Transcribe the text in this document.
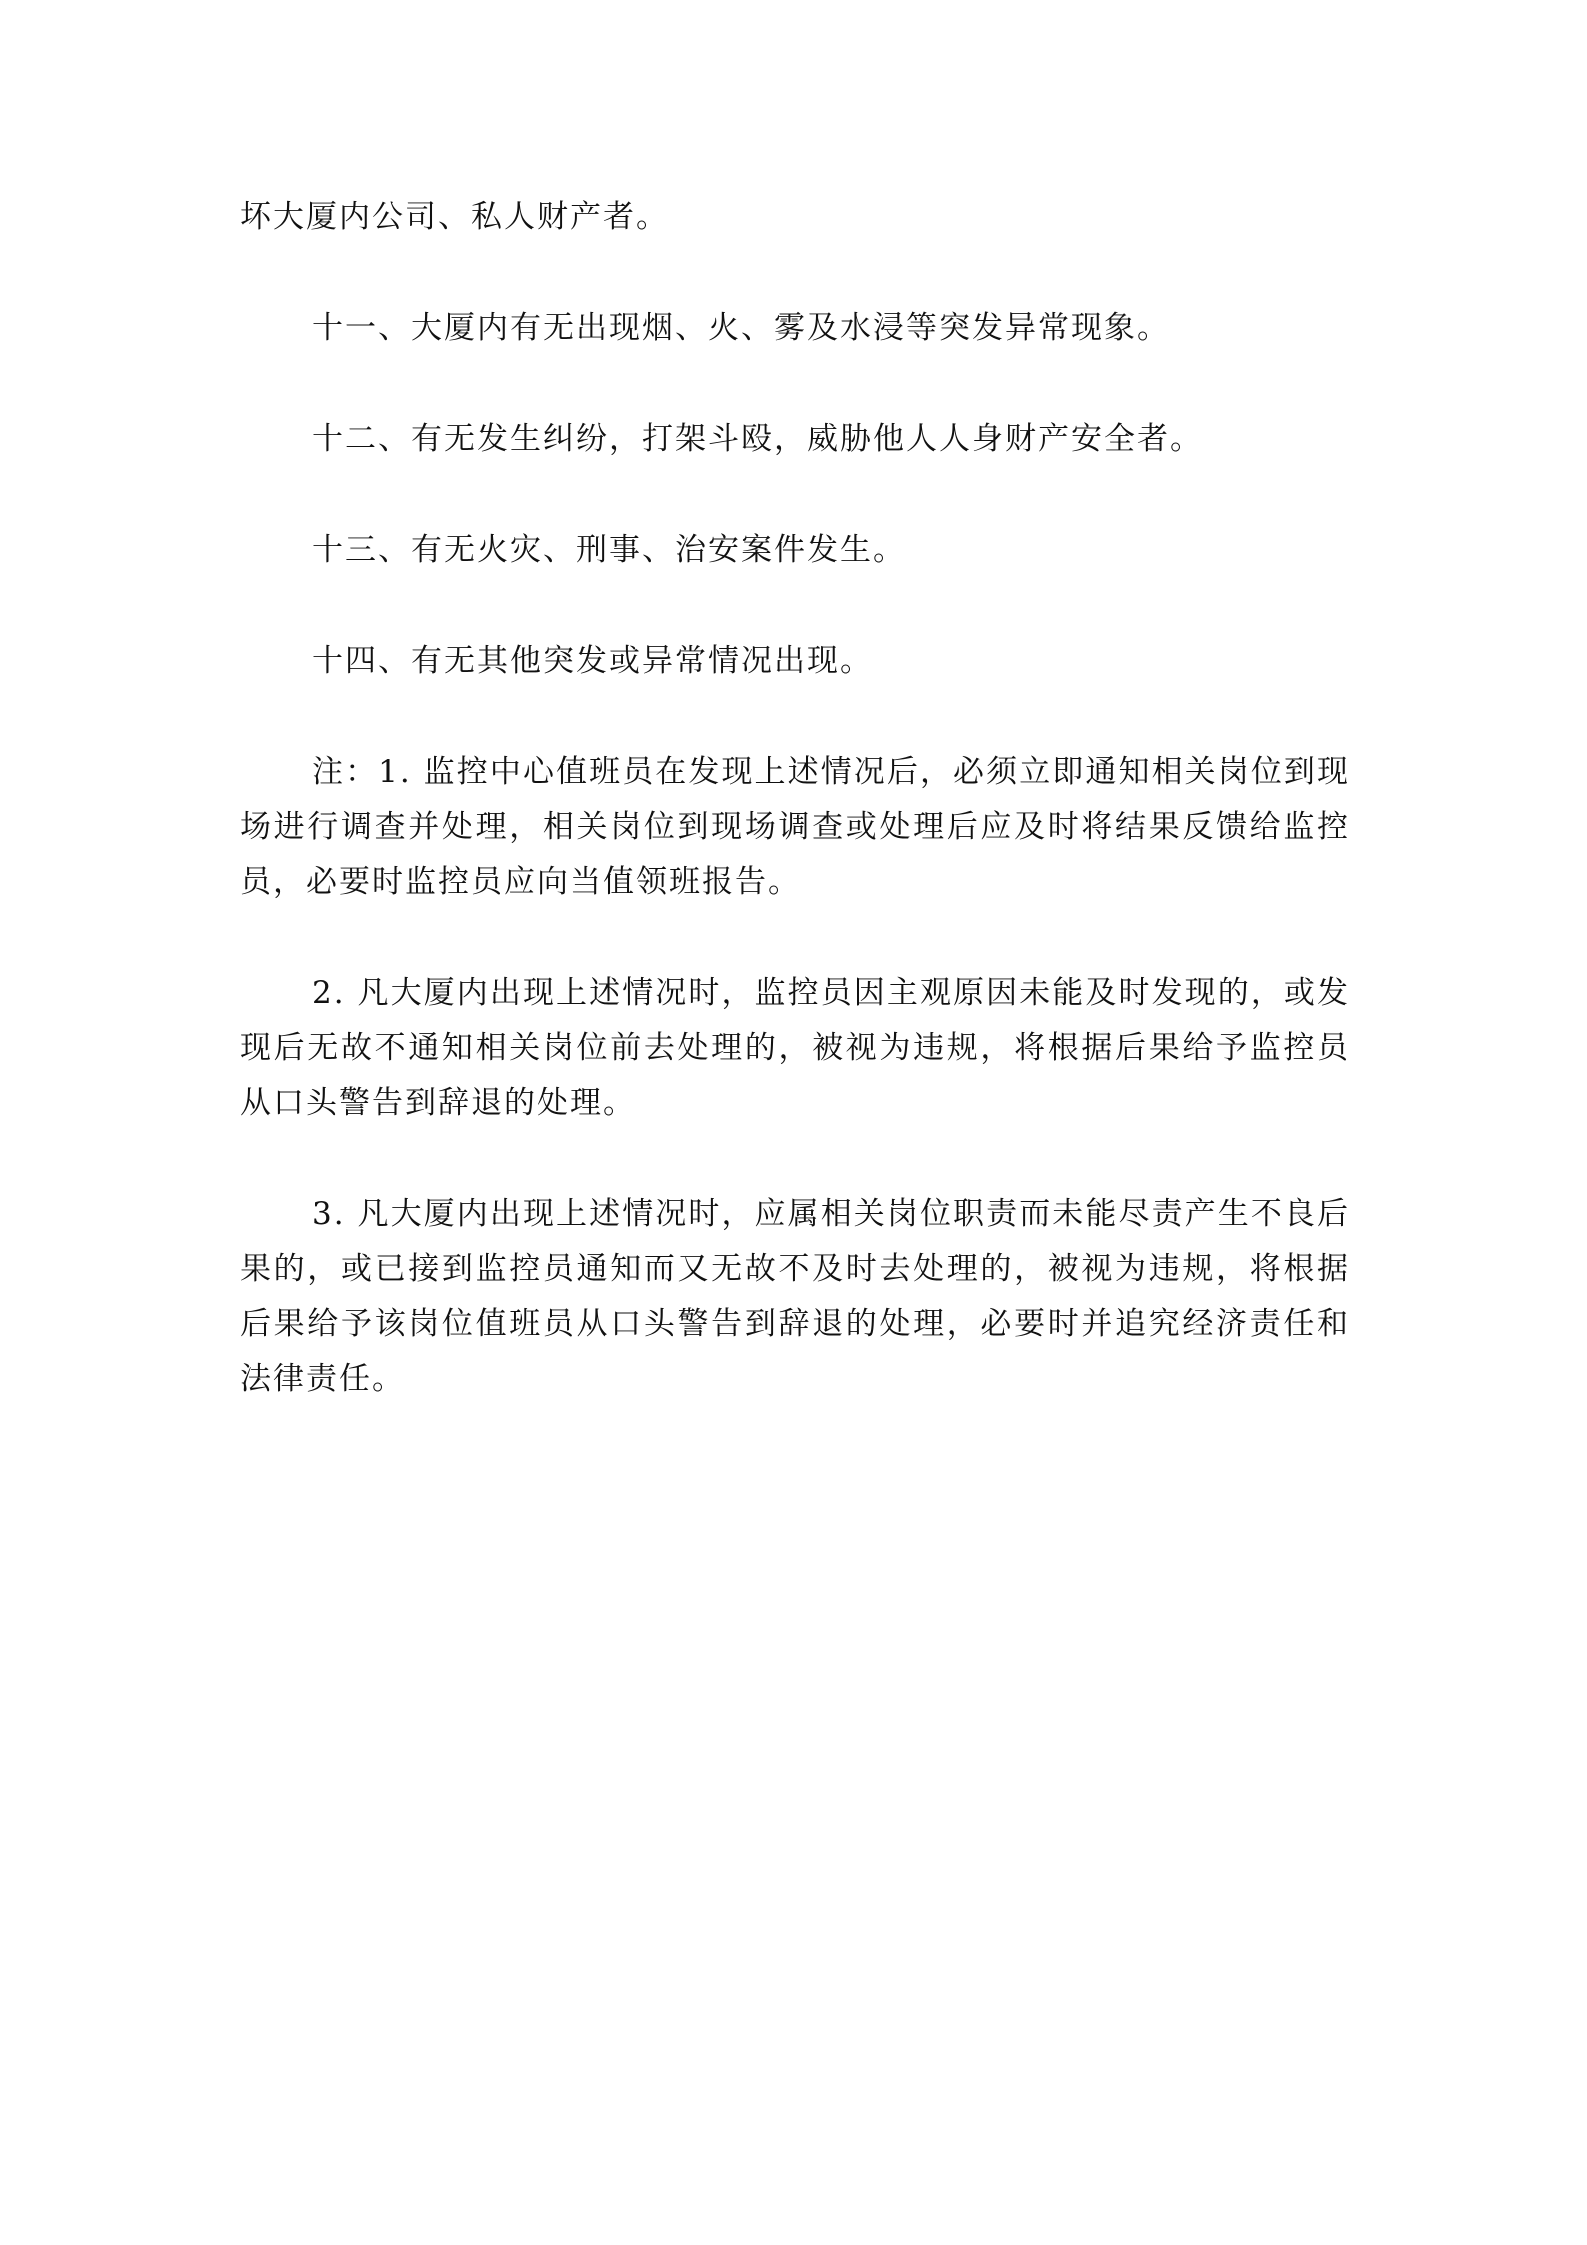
坏大厦内公司、私人财产者。

十一、大厦内有无出现烟、火、雾及水浸等突发异常现象。

十二、有无发生纠纷，打架斗殴，威胁他人人身财产安全者。

十三、有无火灾、刑事、治安案件发生。

十四、有无其他突发或异常情况出现。

注：1. 监控中心值班员在发现上述情况后，必须立即通知相关岗位到现场进行调查并处理，相关岗位到现场调查或处理后应及时将结果反馈给监控员，必要时监控员应向当值领班报告。

2. 凡大厦内出现上述情况时，监控员因主观原因未能及时发现的，或发现后无故不通知相关岗位前去处理的，被视为违规，将根据后果给予监控员从口头警告到辞退的处理。

3. 凡大厦内出现上述情况时，应属相关岗位职责而未能尽责产生不良后果的，或已接到监控员通知而又无故不及时去处理的，被视为违规，将根据后果给予该岗位值班员从口头警告到辞退的处理，必要时并追究经济责任和法律责任。
